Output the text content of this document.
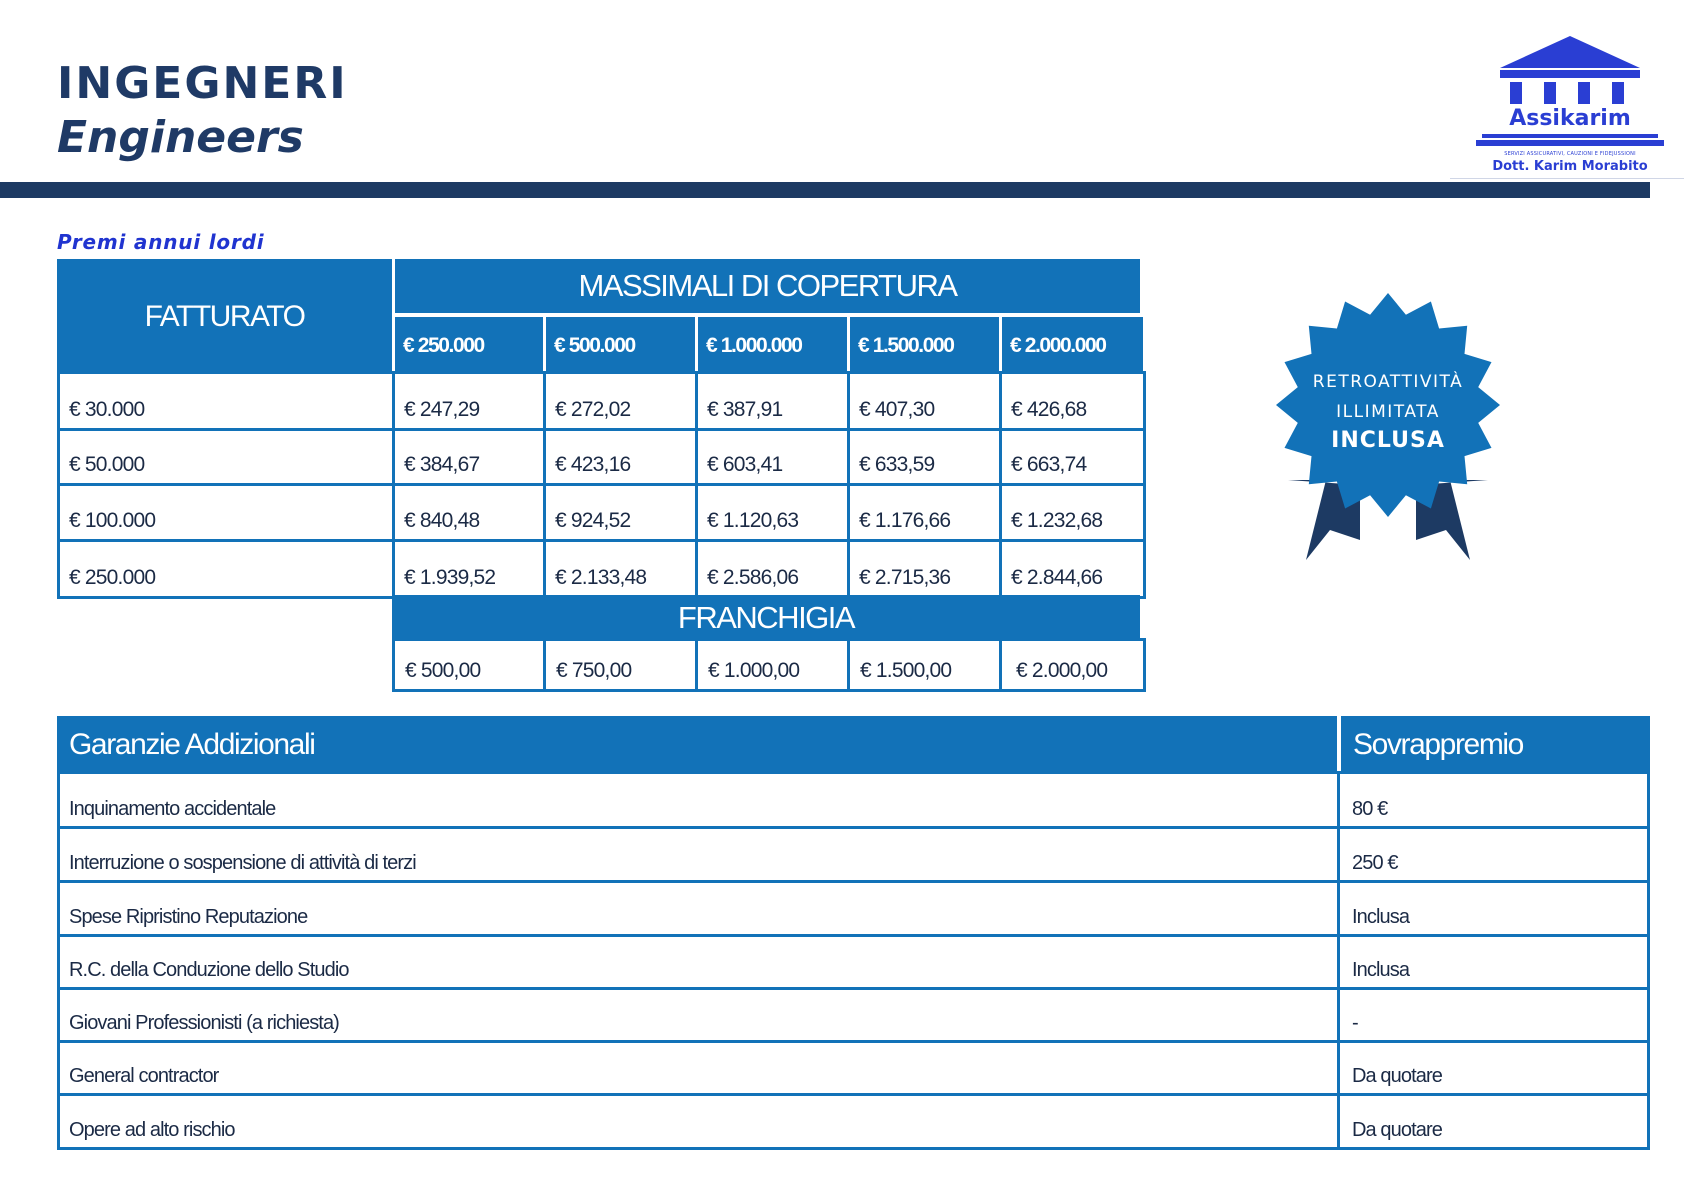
INGEGNERI
Engineers	Assikarim
SERVIZI ASSICURATIVI, CAUZIONI E FIDEJUSSIONI
Dott. Karim Morabito
Premi annui lordi
FATTURATO
MASSIMALI DI COPERTURA
€ 250.000	€ 500.000	€ 1.000.000	€ 1.500.000	€ 2.000.000
€ 30.000	€ 247,29	€ 272,02	€ 387,91	€ 407,30	€ 426,68
€ 50.000	€ 384,67	€ 423,16	€ 603,41	€ 633,59	€ 663,74
€ 100.000	€ 840,48	€ 924,52	€ 1.120,63	€ 1.176,66	€ 1.232,68
€ 250.000	€ 1.939,52	€ 2.133,48	€ 2.586,06	€ 2.715,36	€ 2.844,66
FRANCHIGIA
€ 500,00	€ 750,00	€ 1.000,00	€ 1.500,00	€ 2.000,00
RETROATTIVITÀ
ILLIMITATA
INCLUSA
Garanzie Addizionali	Sovrappremio
Inquinamento accidentale	80 €
Interruzione o sospensione di attività di terzi	250 €
Spese Ripristino Reputazione	Inclusa
R.C. della Conduzione dello Studio	Inclusa
Giovani Professionisti (a richiesta)	-
General contractor	Da quotare
Opere ad alto rischio	Da quotare
